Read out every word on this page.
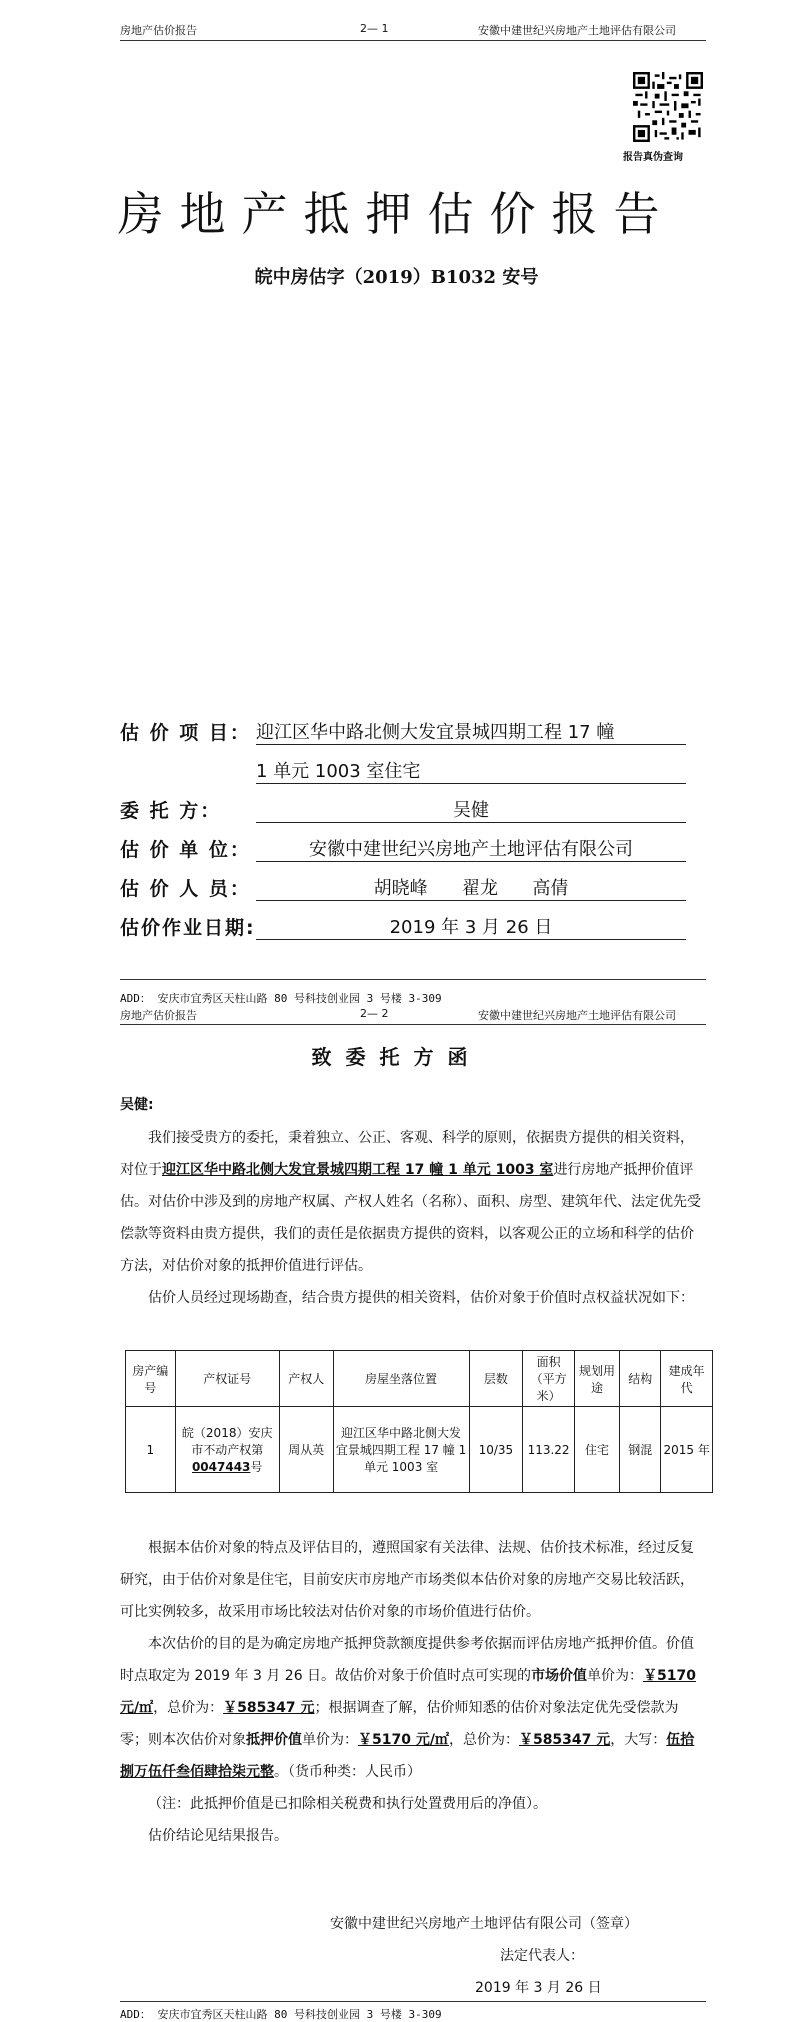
房地产估价报告	2— 1	安徽中建世纪兴房地产土地评估有限公司
报告真伪查询
房地产抵押估价报告
皖中房估字（2019）B1032 安号
估 价 项 目： 迎江区华中路北侧大发宜景城四期工程 17 幢
1 单元 1003 室住宅
委 托 方：	吴健
估 价 单 位：	安徽中建世纪兴房地产土地评估有限公司
估 价 人 员：	胡晓峰      翟龙      高倩
估价作业日期:	2019 年 3 月 26 日
ADD： 安庆市宜秀区天柱山路 80 号科技创业园 3 号楼 3-309
房地产估价报告	2— 2	安徽中建世纪兴房地产土地评估有限公司
致委托方函
吴健:

我们接受贵方的委托，秉着独立、公正、客观、科学的原则，依据贵方提供的相关资料，对位于迎江区华中路北侧大发宜景城四期工程 17 幢 1 单元 1003 室进行房地产抵押价值评估。对估价中涉及到的房地产权属、产权人姓名（名称）、面积、房型、建筑年代、法定优先受偿款等资料由贵方提供，我们的责任是依据贵方提供的资料，以客观公正的立场和科学的估价方法，对估价对象的抵押价值进行评估。

估价人员经过现场勘查，结合贵方提供的相关资料，估价对象于价值时点权益状况如下：

房产编号	产权证号	产权人	房屋坐落位置	层数	面积（平方米）	规划用途	结构	建成年代
1	皖（2018）安庆市不动产权第0047443号	周从英	迎江区华中路北侧大发宜景城四期工程 17 幢 1 单元 1003 室	10/35	113.22	住宅	钢混	2015 年

根据本估价对象的特点及评估目的，遵照国家有关法律、法规、估价技术标准，经过反复研究，由于估价对象是住宅，目前安庆市房地产市场类似本估价对象的房地产交易比较活跃，可比实例较多，故采用市场比较法对估价对象的市场价值进行估价。

本次估价的目的是为确定房地产抵押贷款额度提供参考依据而评估房地产抵押价值。价值时点取定为 2019 年 3 月 26 日。故估价对象于价值时点可实现的市场价值单价为：￥5170 元/㎡，总价为：￥585347 元；根据调查了解，估价师知悉的估价对象法定优先受偿款为零；则本次估价对象抵押价值单价为：￥5170 元/㎡，总价为：￥585347 元，大写：伍拾捌万伍仟叁佰肆拾柒元整。（货币种类：人民币）

（注：此抵押价值是已扣除相关税费和执行处置费用后的净值）。

估价结论见结果报告。

安徽中建世纪兴房地产土地评估有限公司（签章）
法定代表人：
2019 年 3 月 26 日
ADD： 安庆市宜秀区天柱山路 80 号科技创业园 3 号楼 3-309
